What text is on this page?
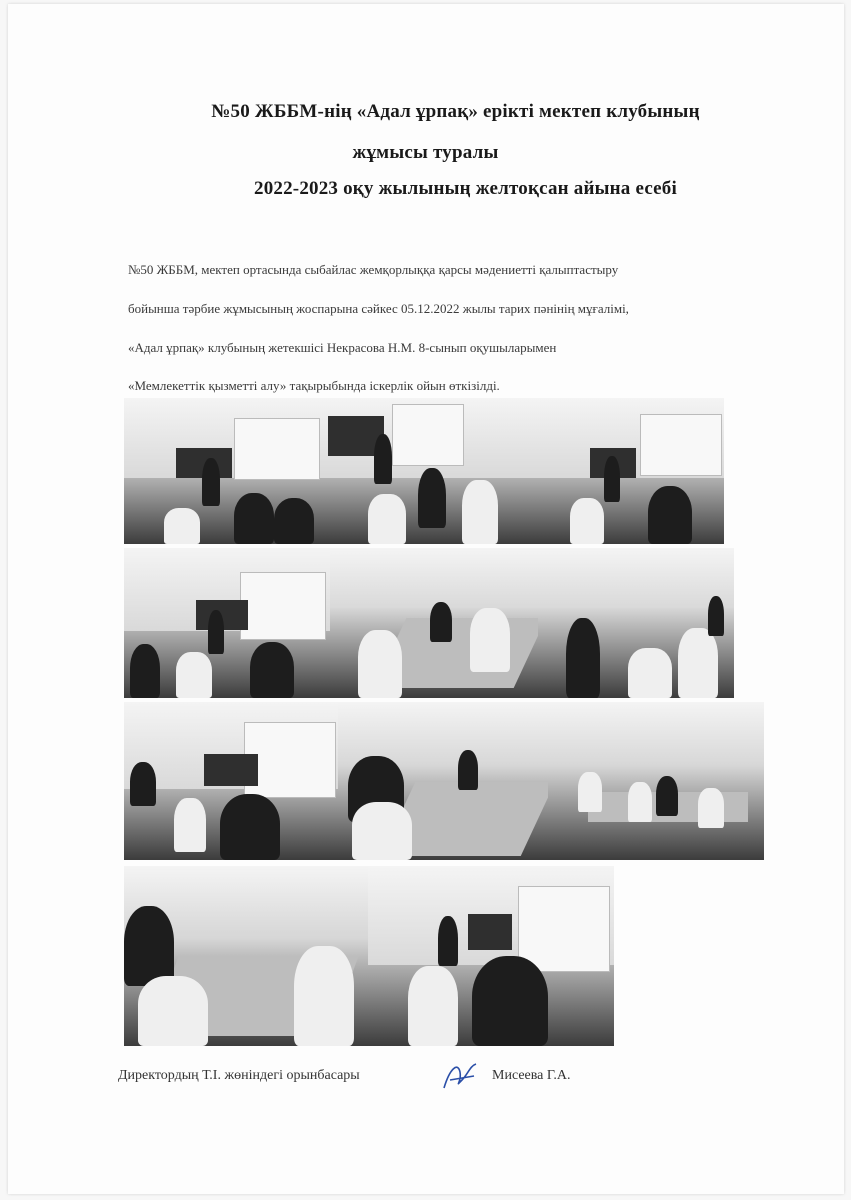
№50 ЖББМ-нің «Адал ұрпақ» ерікті мектеп клубының
жұмысы туралы
2022-2023 оқу жылының желтоқсан айына есебі
№50 ЖББМ, мектеп ортасында сыбайлас жемқорлыққа қарсы мәдениетті қалыптастыру
бойынша тәрбие жұмысының жоспарына сәйкес 05.12.2022 жылы тарих пәнінің мұғалімі,
«Адал ұрпақ» клубының жетекшісі Некрасова Н.М. 8-сынып оқушыларымен
«Мемлекеттік қызметті алу» тақырыбында іскерлік ойын өткізілді.
Директордың Т.І. жөніндегі орынбасары	Мисеева Г.А.
